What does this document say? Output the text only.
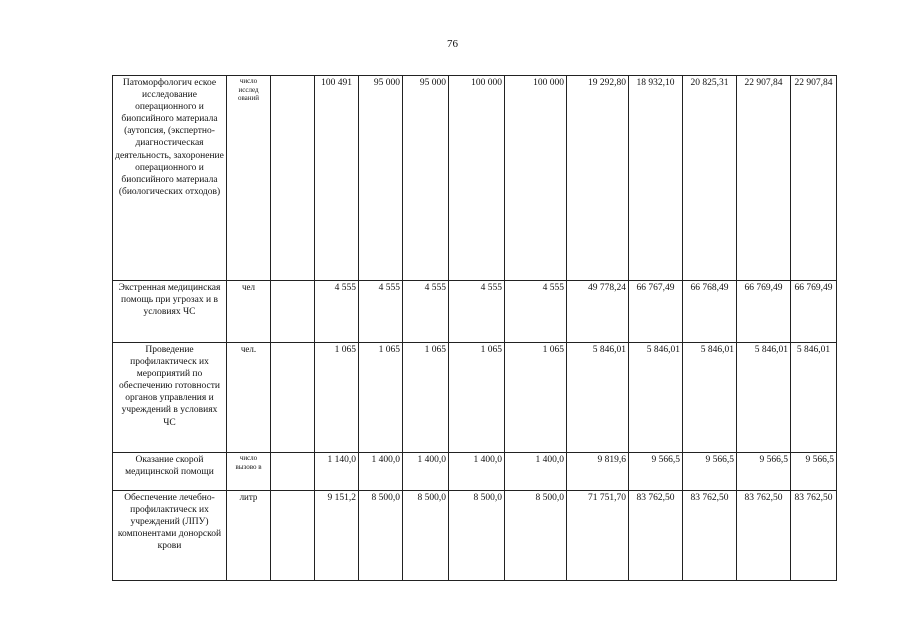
76
Патоморфологич еское исследование операционного и биопсийного материала (аутопсия, (экспертно-диагностическая деятельность, захоронение операционного и биопсийного материала (биологических отходов)	число исслед ований		100 491	95 000	95 000	100 000	100 000	19 292,80	18 932,10	20 825,31	22 907,84	22 907,84
Экстренная медицинская помощь при угрозах и в условиях ЧС	чел		4 555	4 555	4 555	4 555	4 555	49 778,24	66 767,49	66 768,49	66 769,49	66 769,49
Проведение профилактическ их мероприятий по обеспечению готовности органов управления и учреждений в условиях ЧС	чел.		1 065	1 065	1 065	1 065	1 065	5 846,01	5 846,01	5 846,01	5 846,01	5 846,01
Оказание скорой медицинской помощи	число вызово в		1 140,0	1 400,0	1 400,0	1 400,0	1 400,0	9 819,6	9 566,5	9 566,5	9 566,5	9 566,5
Обеспечение лечебно-профилактическ их учреждений (ЛПУ) компонентами донорской крови	литр		9 151,2	8 500,0	8 500,0	8 500,0	8 500,0	71 751,70	83 762,50	83 762,50	83 762,50	83 762,50
